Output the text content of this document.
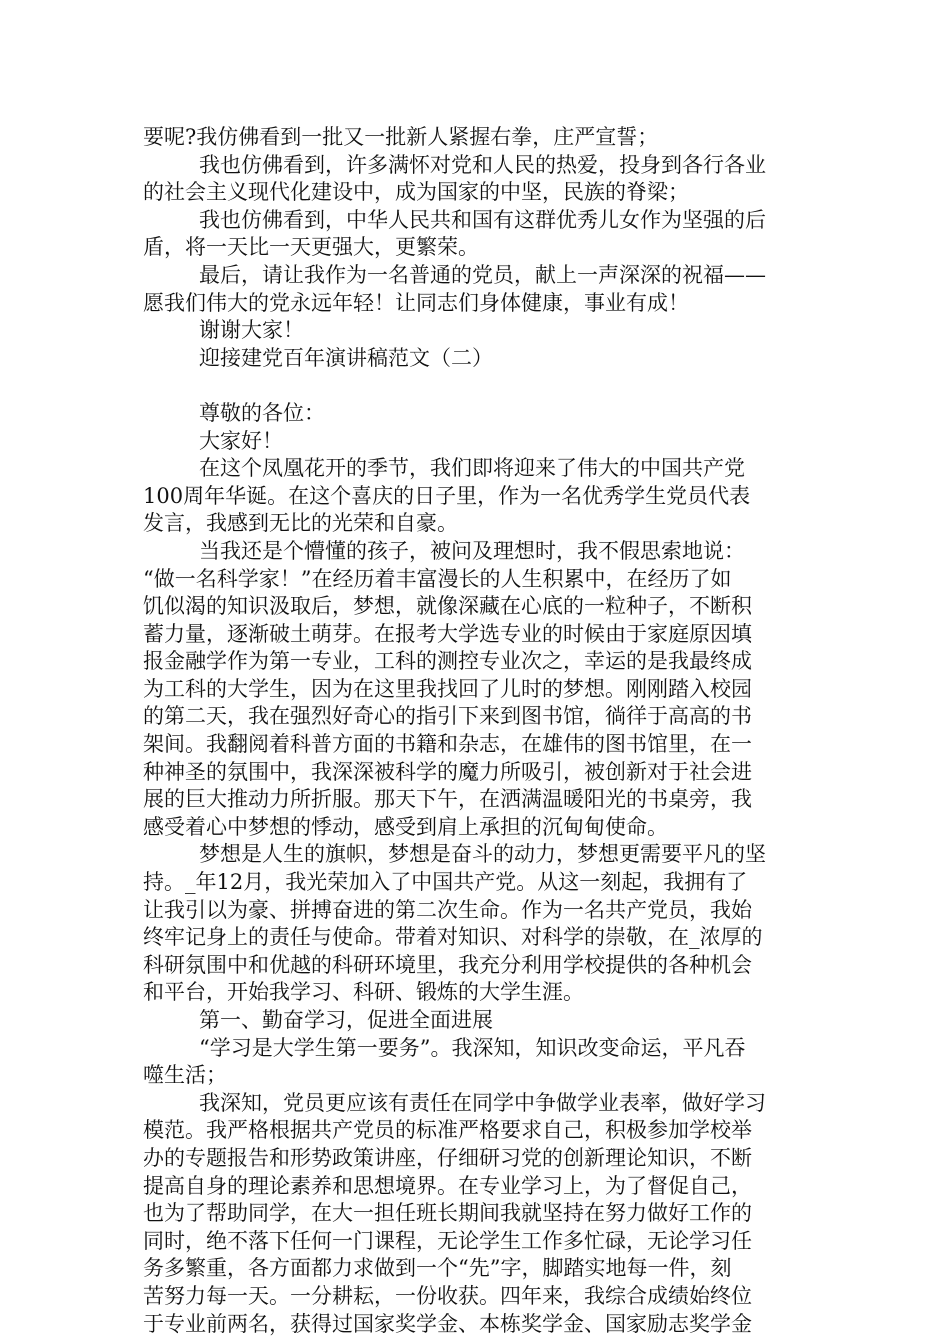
要呢?我仿佛看到一批又一批新人紧握右拳，庄严宣誓；
我也仿佛看到，许多满怀对党和人民的热爱，投身到各行各业
的社会主义现代化建设中，成为国家的中坚，民族的脊梁；
我也仿佛看到，中华人民共和国有这群优秀儿女作为坚强的后
盾，将一天比一天更强大，更繁荣。
最后，请让我作为一名普通的党员，献上一声深深的祝福——
愿我们伟大的党永远年轻！让同志们身体健康，事业有成！
谢谢大家！
迎接建党百年演讲稿范文（二）
尊敬的各位：
大家好！
在这个凤凰花开的季节，我们即将迎来了伟大的中国共产党
100周年华诞。在这个喜庆的日子里，作为一名优秀学生党员代表
发言，我感到无比的光荣和自豪。
当我还是个懵懂的孩子，被问及理想时，我不假思索地说：
“做一名科学家！”在经历着丰富漫长的人生积累中，在经历了如
饥似渴的知识汲取后，梦想，就像深藏在心底的一粒种子，不断积
蓄力量，逐渐破土萌芽。在报考大学选专业的时候由于家庭原因填
报金融学作为第一专业，工科的测控专业次之，幸运的是我最终成
为工科的大学生，因为在这里我找回了儿时的梦想。刚刚踏入校园
的第二天，我在强烈好奇心的指引下来到图书馆，徜徉于高高的书
架间。我翻阅着科普方面的书籍和杂志，在雄伟的图书馆里，在一
种神圣的氛围中，我深深被科学的魔力所吸引，被创新对于社会进
展的巨大推动力所折服。那天下午，在洒满温暖阳光的书桌旁，我
感受着心中梦想的悸动，感受到肩上承担的沉甸甸使命。
梦想是人生的旗帜，梦想是奋斗的动力，梦想更需要平凡的坚
持。_年12月，我光荣加入了中国共产党。从这一刻起，我拥有了
让我引以为豪、拼搏奋进的第二次生命。作为一名共产党员，我始
终牢记身上的责任与使命。带着对知识、对科学的崇敬，在_浓厚的
科研氛围中和优越的科研环境里，我充分利用学校提供的各种机会
和平台，开始我学习、科研、锻炼的大学生涯。
第一、勤奋学习，促进全面进展
“学习是大学生第一要务”。我深知，知识改变命运，平凡吞
噬生活；
我深知，党员更应该有责任在同学中争做学业表率，做好学习
模范。我严格根据共产党员的标准严格要求自己，积极参加学校举
办的专题报告和形势政策讲座，仔细研习党的创新理论知识，不断
提高自身的理论素养和思想境界。在专业学习上，为了督促自己，
也为了帮助同学，在大一担任班长期间我就坚持在努力做好工作的
同时，绝不落下任何一门课程，无论学生工作多忙碌，无论学习任
务多繁重，各方面都力求做到一个“先”字，脚踏实地每一件，刻
苦努力每一天。一分耕耘，一份收获。四年来，我综合成绩始终位
于专业前两名，获得过国家奖学金、本栋奖学金、国家励志奖学金
